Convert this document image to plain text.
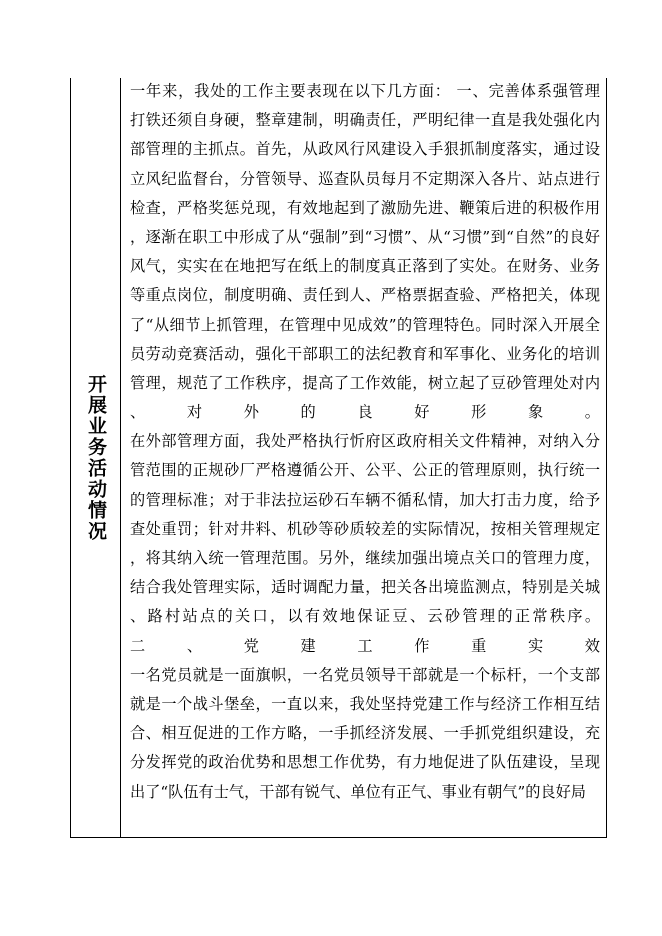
开展业务活动情况
一年来，我处的工作主要表现在以下几方面： 一、完善体系强管理
打铁还须自身硬，整章建制，明确责任，严明纪律一直是我处强化内
部管理的主抓点。首先，从政风行风建设入手狠抓制度落实，通过设
立风纪监督台，分管领导、巡查队员每月不定期深入各片、站点进行
检查，严格奖惩兑现，有效地起到了激励先进、鞭策后进的积极作用
，逐渐在职工中形成了从“强制”到“习惯”、从“习惯”到“自然”的良好
风气，实实在在地把写在纸上的制度真正落到了实处。在财务、业务
等重点岗位，制度明确、责任到人、严格票据查验、严格把关，体现
了“从细节上抓管理，在管理中见成效”的管理特色。同时深入开展全
员劳动竞赛活动，强化干部职工的法纪教育和军事化、业务化的培训
管理，规范了工作秩序，提高了工作效能，树立起了豆砂管理处对内
、 对 外 的 良 好 形 象 。
在外部管理方面，我处严格执行忻府区政府相关文件精神，对纳入分
管范围的正规砂厂严格遵循公开、公平、公正的管理原则，执行统一
的管理标准；对于非法拉运砂石车辆不循私情，加大打击力度，给予
查处重罚；针对井料、机砂等砂质较差的实际情况，按相关管理规定
，将其纳入统一管理范围。另外，继续加强出境点关口的管理力度，
结合我处管理实际，适时调配力量，把关各出境监测点，特别是关城
、路村站点的关口，以有效地保证豆、云砂管理的正常秩序。
二 、 党 建 工 作 重 实 效
一名党员就是一面旗帜，一名党员领导干部就是一个标杆，一个支部
就是一个战斗堡垒，一直以来，我处坚持党建工作与经济工作相互结
合、相互促进的工作方略，一手抓经济发展、一手抓党组织建设，充
分发挥党的政治优势和思想工作优势，有力地促进了队伍建设，呈现
出了“队伍有士气，干部有锐气、单位有正气、事业有朝气”的良好局
